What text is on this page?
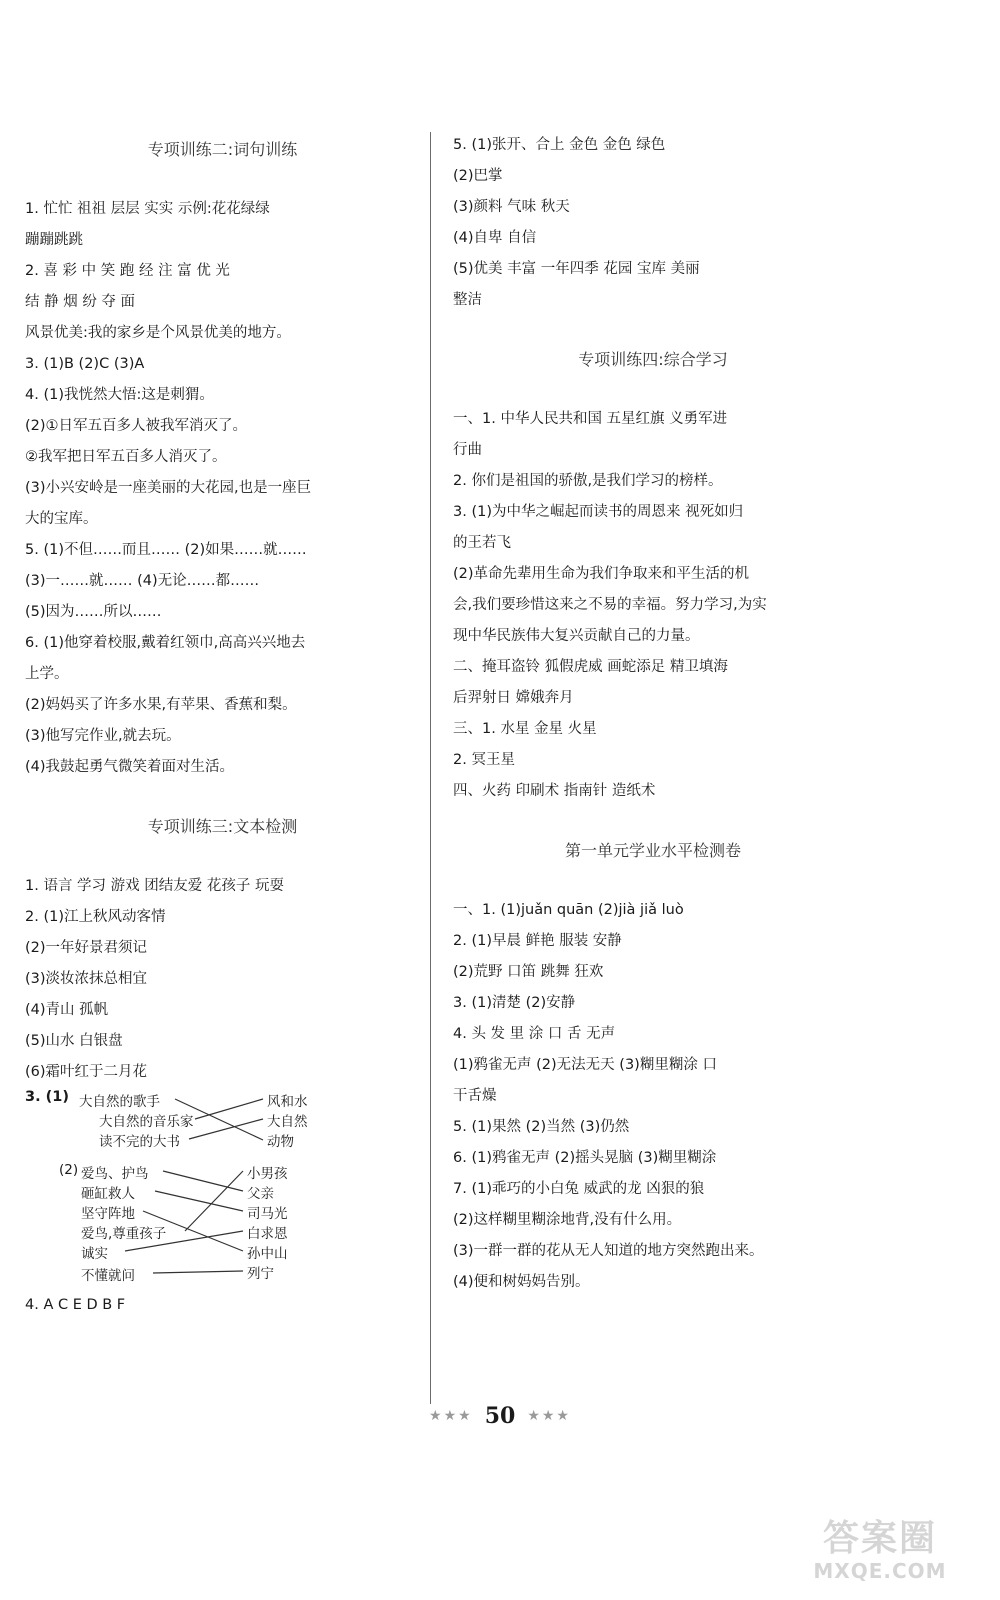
专项训练二:词句训练
1. 忙忙 祖祖 层层 实实 示例:花花绿绿
蹦蹦跳跳
2. 喜 彩 中 笑 跑 经 注 富 优 光
结 静 烟 纷 夺 面
风景优美:我的家乡是个风景优美的地方。
3. (1)B (2)C (3)A
4. (1)我恍然大悟:这是刺猬。
(2)①日军五百多人被我军消灭了。
②我军把日军五百多人消灭了。
(3)小兴安岭是一座美丽的大花园,也是一座巨
大的宝库。
5. (1)不但……而且…… (2)如果……就……
(3)一……就…… (4)无论……都……
(5)因为……所以……
6. (1)他穿着校服,戴着红领巾,高高兴兴地去
上学。
(2)妈妈买了许多水果,有苹果、香蕉和梨。
(3)他写完作业,就去玩。
(4)我鼓起勇气微笑着面对生活。
专项训练三:文本检测
1. 语言 学习 游戏 团结友爱 花孩子 玩耍
2. (1)江上秋风动客情
(2)一年好景君须记
(3)淡妆浓抹总相宜
(4)青山 孤帆
(5)山水 白银盘
(6)霜叶红于二月花
3. (1) 大自然的歌手
大自然的音乐家
读不完的大书
风和水
大自然
动物
(2) 爱鸟、护鸟
砸缸救人
坚守阵地
爱鸟,尊重孩子
诚实
不懂就问
小男孩
父亲
司马光
白求恩
孙中山
列宁
4. A C E D B F
5. (1)张开、合上 金色 金色 绿色
(2)巴掌
(3)颜料 气味 秋天
(4)自卑 自信
(5)优美 丰富 一年四季 花园 宝库 美丽
整洁
专项训练四:综合学习
一、1. 中华人民共和国 五星红旗 义勇军进
行曲
2. 你们是祖国的骄傲,是我们学习的榜样。
3. (1)为中华之崛起而读书的周恩来 视死如归
的王若飞
(2)革命先辈用生命为我们争取来和平生活的机
会,我们要珍惜这来之不易的幸福。努力学习,为实
现中华民族伟大复兴贡献自己的力量。
二、掩耳盗铃 狐假虎威 画蛇添足 精卫填海
后羿射日 嫦娥奔月
三、1. 水星 金星 火星
2. 冥王星
四、火药 印刷术 指南针 造纸术
第一单元学业水平检测卷
一、1. (1)juǎn quān (2)jià jiǎ luò
2. (1)早晨 鲜艳 服装 安静
(2)荒野 口笛 跳舞 狂欢
3. (1)清楚 (2)安静
4. 头 发 里 涂 口 舌 无声
(1)鸦雀无声 (2)无法无天 (3)糊里糊涂 口
干舌燥
5. (1)果然 (2)当然 (3)仍然
6. (1)鸦雀无声 (2)摇头晃脑 (3)糊里糊涂
7. (1)乖巧的小白兔 威武的龙 凶狠的狼
(2)这样糊里糊涂地背,没有什么用。
(3)一群一群的花从无人知道的地方突然跑出来。
(4)便和树妈妈告别。
★★★ 50 ★★★
答案圈
MXQE.COM
